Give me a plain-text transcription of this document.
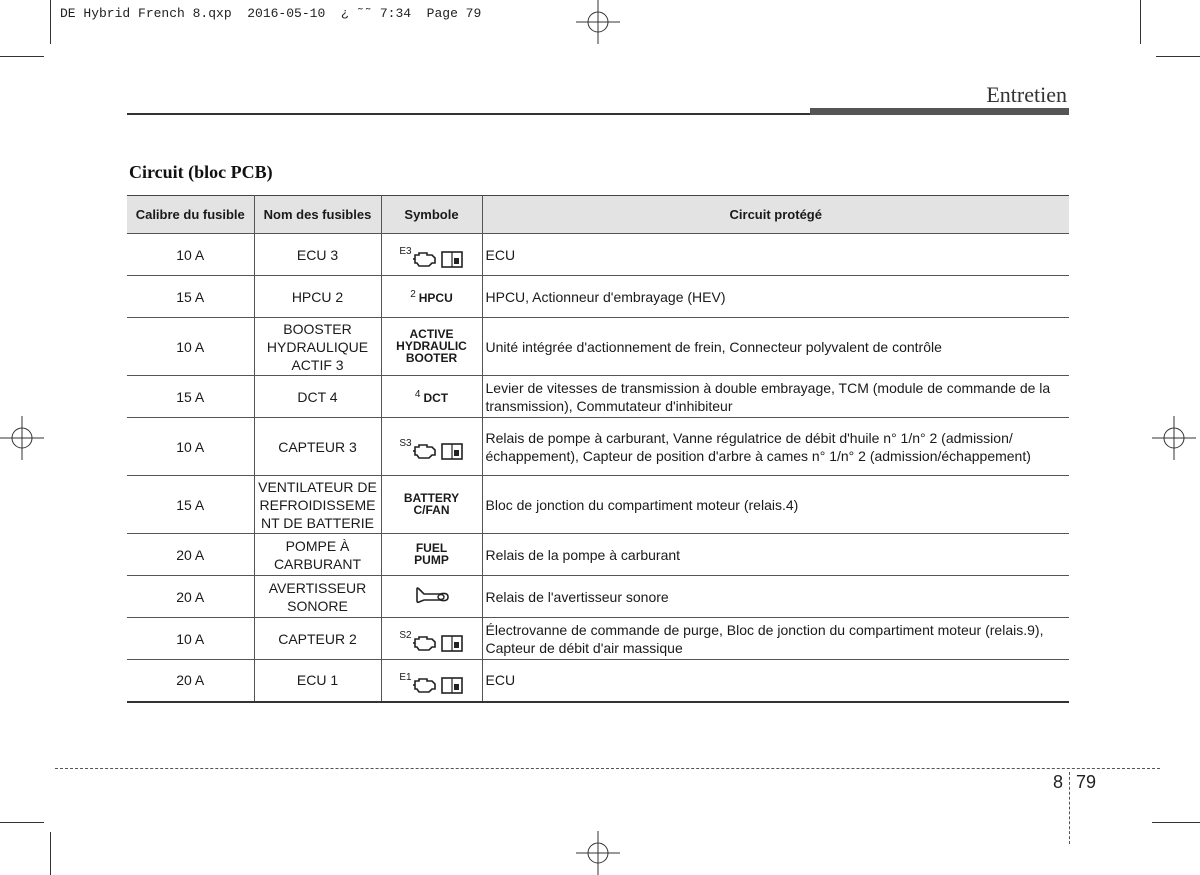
DE Hybrid French 8.qxp  2016-05-10  ¿ ˜˜ 7:34  Page 79
Entretien
Circuit (bloc PCB)
Calibre du fusible	Nom des fusibles	Symbole	Circuit protégé
10 A	ECU 3	E3	ECU
15 A	HPCU 2	$^2$ HPCU	HPCU, Actionneur d'embrayage (HEV)
10 A	BOOSTER HYDRAULIQUE ACTIF 3	ACTIVE HYDRAULIC BOOTER	Unité intégrée d'actionnement de frein, Connecteur polyvalent de contrôle
15 A	DCT 4	$^4$ DCT	Levier de vitesses de transmission à double embrayage, TCM (module de commande de la transmission), Commutateur d'inhibiteur
10 A	CAPTEUR 3	S3	Relais de pompe à carburant, Vanne régulatrice de débit d'huile n° 1/n° 2 (admission/échappement), Capteur de position d'arbre à cames n° 1/n° 2 (admission/échappement)
15 A	VENTILATEUR DE REFROIDISSEMENT DE BATTERIE	BATTERY C/FAN	Bloc de jonction du compartiment moteur (relais.4)
20 A	POMPE À CARBURANT	FUEL PUMP	Relais de la pompe à carburant
20 A	AVERTISSEUR SONORE		Relais de l'avertisseur sonore
10 A	CAPTEUR 2	S2	Électrovanne de commande de purge, Bloc de jonction du compartiment moteur (relais.9), Capteur de débit d'air massique
20 A	ECU 1	E1	ECU
8 79
